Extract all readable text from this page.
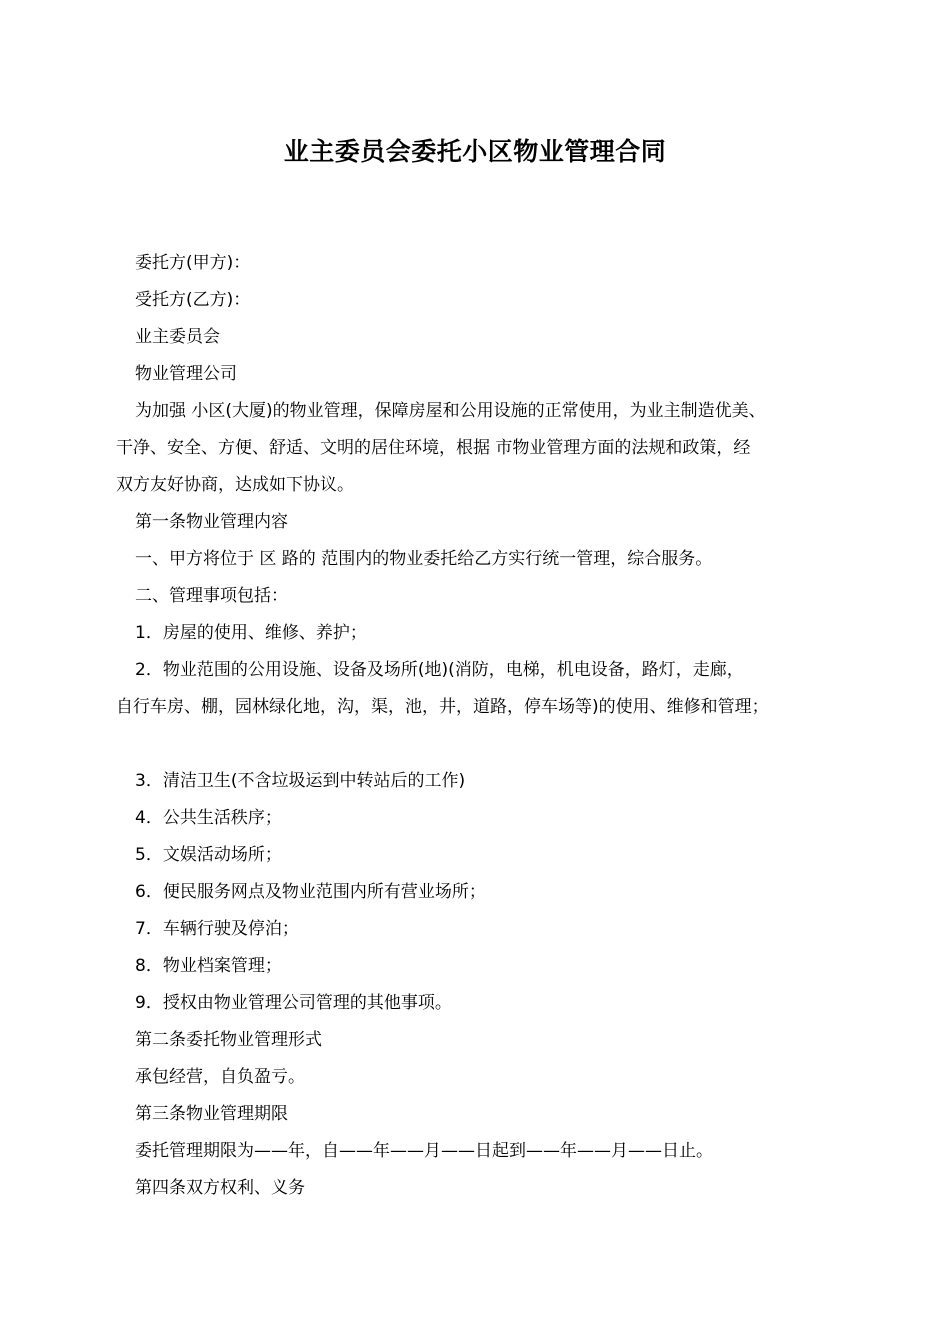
业主委员会委托小区物业管理合同
委托方(甲方)：
受托方(乙方)：
业主委员会
物业管理公司
为加强 小区(大厦)的物业管理，保障房屋和公用设施的正常使用，为业主制造优美、
干净、安全、方便、舒适、文明的居住环境，根据 市物业管理方面的法规和政策，经
双方友好协商，达成如下协议。
第一条物业管理内容
一、甲方将位于 区 路的 范围内的物业委托给乙方实行统一管理，综合服务。
二、管理事项包括：
1．房屋的使用、维修、养护；
2．物业范围的公用设施、设备及场所(地)(消防，电梯，机电设备，路灯，走廊，
自行车房、棚，园林绿化地，沟，渠，池，井，道路，停车场等)的使用、维修和管理；
3．清洁卫生(不含垃圾运到中转站后的工作)
4．公共生活秩序；
5．文娱活动场所；
6．便民服务网点及物业范围内所有营业场所；
7．车辆行驶及停泊；
8．物业档案管理；
9．授权由物业管理公司管理的其他事项。
第二条委托物业管理形式
承包经营，自负盈亏。
第三条物业管理期限
委托管理期限为——年，自——年——月——日起到——年——月——日止。
第四条双方权利、义务
